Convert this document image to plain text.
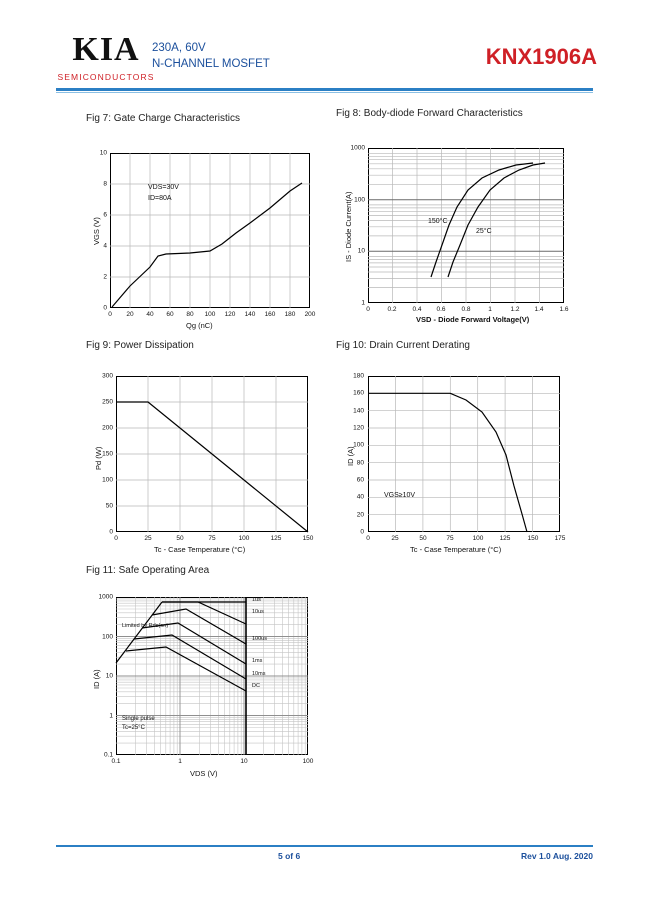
KIA
SEMICONDUCTORS
230A, 60V
N-CHANNEL MOSFET	KNX1906A
Fig 7: Gate Charge Characteristics
0 20 40 60 80 100 120 140 160 180 200
0
2
4
6
8
10
Qg (nC)
VGS (V)
VDS=30V
ID=80A
Fig 8: Body-diode Forward Characteristics
0	0.2 0.4 0.6 0.8	1	1.2 1.4 1.6
1
10
100
1000
VSD - Diode Forward Voltage(V)
IS - Diode Current(A)	150°C
25°C
Fig 9: Power Dissipation
0	25	50	75	100	125	150
0
50
100
150
200
250
300
Tc - Case Temperature (°C)
Pd (W)
Fig 10: Drain Current Derating
0	25	50	75	100 125	150 175
0
20
40
60
80
100
120
140
160
180
Tc - Case Temperature (°C)
ID (A)
VGS≥10V
Fig 11: Safe Operating Area
1us
10us
100us
1ms
10ms
DC
Limited by Rds(on)
Single pulse
Tc=25°C
0.1	1	10	100
0.1
1
10
100
1000
VDS (V)
ID (A)
5 of 6	Rev 1.0 Aug. 2020
